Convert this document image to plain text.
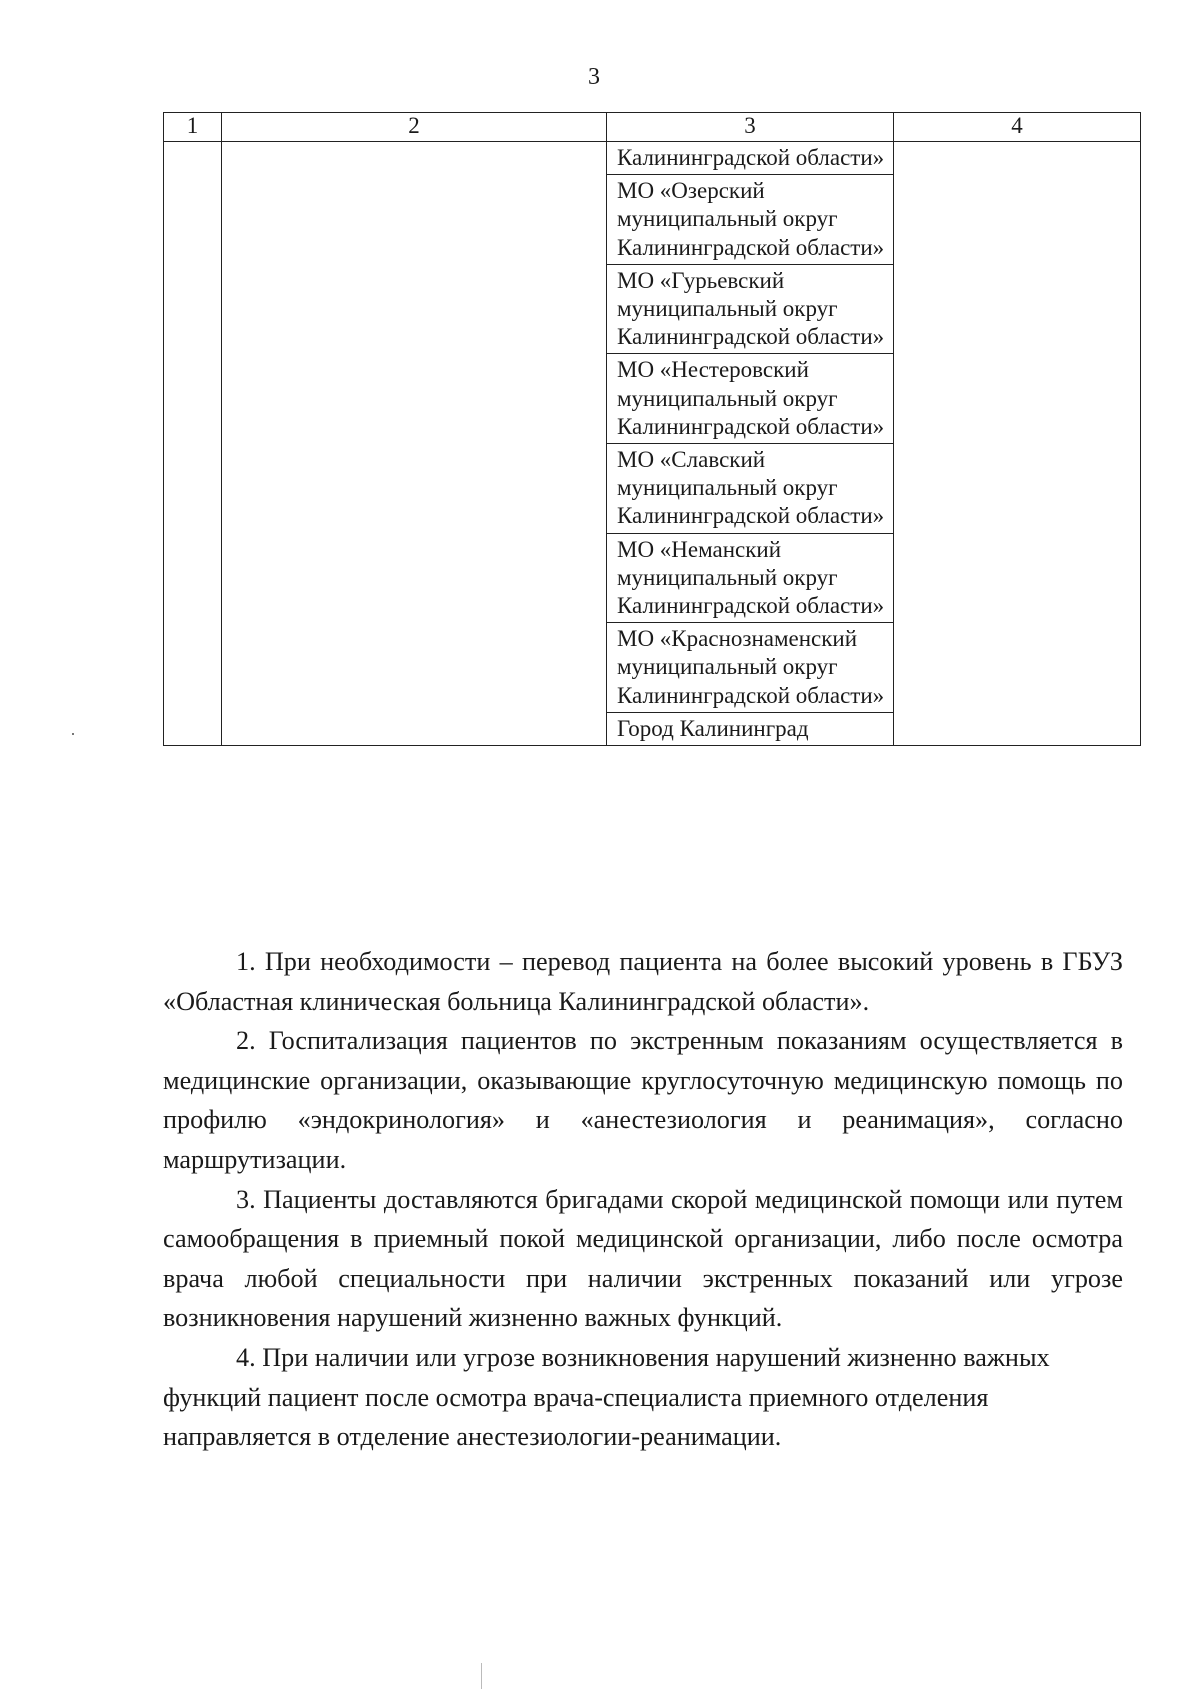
3
1	2	3	4
		Калининградской области»	
		МО «Озерский муниципальный округ Калининградской области»	
		МО «Гурьевский муниципальный округ Калининградской области»	
		МО «Нестеровский муниципальный округ Калининградской области»	
		МО «Славский муниципальный округ Калининградской области»	
		МО «Неманский муниципальный округ Калининградской области»	
		МО «Краснознаменский муниципальный округ Калининградской области»	
		Город Калининград	

1. При необходимости – перевод пациента на более высокий уровень в ГБУЗ «Областная клиническая больница Калининградской области».

2. Госпитализация пациентов по экстренным показаниям осуществляется в медицинские организации, оказывающие круглосуточную медицинскую помощь по профилю «эндокринология» и «анестезиология и реанимация», согласно маршрутизации.

3. Пациенты доставляются бригадами скорой медицинской помощи или путем самообращения в приемный покой медицинской организации, либо после осмотра врача любой специальности при наличии экстренных показаний или угрозе возникновения нарушений жизненно важных функций.

4. При наличии или угрозе возникновения нарушений жизненно важных функций пациент после осмотра врача-специалиста приемного отделения направляется в отделение анестезиологии-реанимации.
